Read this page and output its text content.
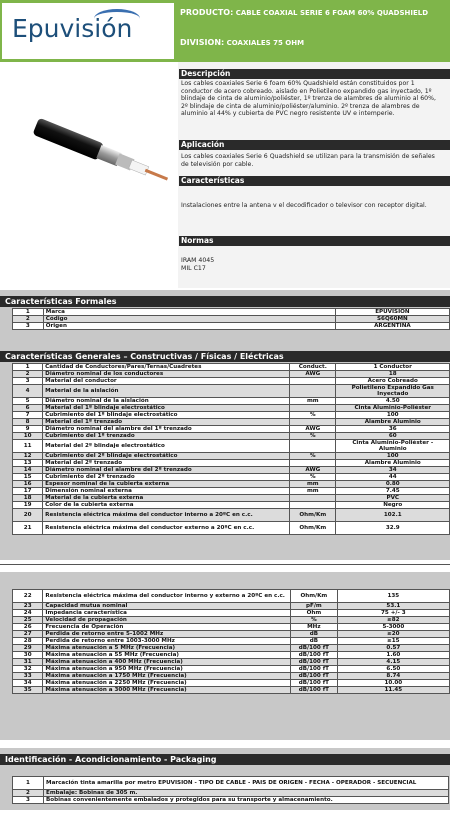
Epuvisión
PRODUCTO: CABLE COAXIAL SERIE 6 FOAM 60% QUADSHIELD
DIVISION: COAXIALES 75 OHM
Descripción
Los cables coaxiales Serie 6 foam 60% Quadshield están constituidos por 1 conductor de acero cobreado. aislado en Polietileno expandido gas inyectado, 1º blindaje de cinta de aluminio/poliéster, 1º trenza de alambres de aluminio al 60%, 2º blindaje de cinta de aluminio/poliéster/aluminio. 2º trenza de alambres de aluminio al 44% y cubierta de PVC negro resistente UV e intemperie.
Aplicación
Los cables coaxiales Serie 6 Quadshield se utilizan para la transmisión de señales de televisión por cable.
Características
Instalaciones entre la antena v el decodificador o televisor con receptor digital.
Normas
IRAM 4045
MIL C17
Características Formales
1	Marca	EPUVISION
2	Código	S6Q60MN
3	Origen	ARGENTINA
Características Generales – Constructivas / Físicas / Eléctricas
1	Cantidad de Conductores/Pares/Ternas/Cuadretes	Conduct.	1 Conductor
2	Diámetro nominal de los conductores	AWG	18
3	Material del conductor		Acero Cobreado
4	Material de la aislación		Polietileno Expandido Gas Inyectado
5	Diámetro nominal de la aislación	mm	4.50
6	Material del 1º blindaje electrostático		Cinta Aluminio-Poliéster
7	Cubrimiento del 1º blindaje electrostático	%	100
8	Material del 1º trenzado		Alambre Aluminio
9	Diámetro nominal del alambre del 1º trenzado	AWG	36
10	Cubrimiento del 1º trenzado	%	60
11	Material del 2º blindaje electrostático		Cinta Aluminio-Poliéster - Aluminio
12	Cubrimiento del 2º blindaje electrostático	%	100
13	Material del 2º trenzado		Alambre Aluminio
14	Diámetro nominal del alambre del 2º trenzado	AWG	34
15	Cubrimiento del 2º trenzado	%	44
16	Espesor nominal de la cubierta externa	mm	0.80
17	Dimensión nominal externa	mm	7.45
18	Material de la cubierta externa		PVC
19	Color de la cubierta externa		Negro
20	Resistencia eléctrica máxima del conductor interno a 20ºC en c.c.	Ohm/Km	102.1
21	Resistencia eléctrica máxima del conductor externo a 20ºC en c.c.	Ohm/Km	32.9
22	Resistencia eléctrica máxima del conductor interno y externo a 20ºC en c.c.	Ohm/Km	135
23	Capacidad mutua nominal	pF/m	53.1
24	Impedancia característica	Ohm	75 +/- 3
25	Velocidad de propagación	%	≥82
26	Frecuencia de Operación	MHz	5-3000
27	Perdida de retorno entre 5-1002 MHz	dB	≥20
28	Perdida de retorno entre 1003-3000 MHz	dB	≥15
29	Máxima atenuación a 5 MHz (Frecuencia)	dB/100 fT	0.57
30	Máxima atenuación a 55 MHz (Frecuencia)	dB/100 fT	1.60
31	Máxima atenuación a 400 MHz (Frecuencia)	dB/100 fT	4.15
32	Máxima atenuación a 950 MHz (Frecuencia)	dB/100 fT	6.50
33	Máxima atenuación a 1750 MHz (Frecuencia)	dB/100 fT	8.74
34	Máxima atenuación a 2250 MHz (Frecuencia)	dB/100 fT	10.00
35	Máxima atenuación a 3000 MHz (Frecuencia)	dB/100 fT	11.45
Identificación - Acondicionamiento - Packaging
1	Marcación tinta amarilla por metro EPUVISION - TIPO DE CABLE - PAIS DE ORIGEN - FECHA - OPERADOR - SECUENCIAL
2	Embalaje: Bobinas de 305 m.
3	Bobinas convenientemente embalados y protegidos para su transporte y almacenamiento.
